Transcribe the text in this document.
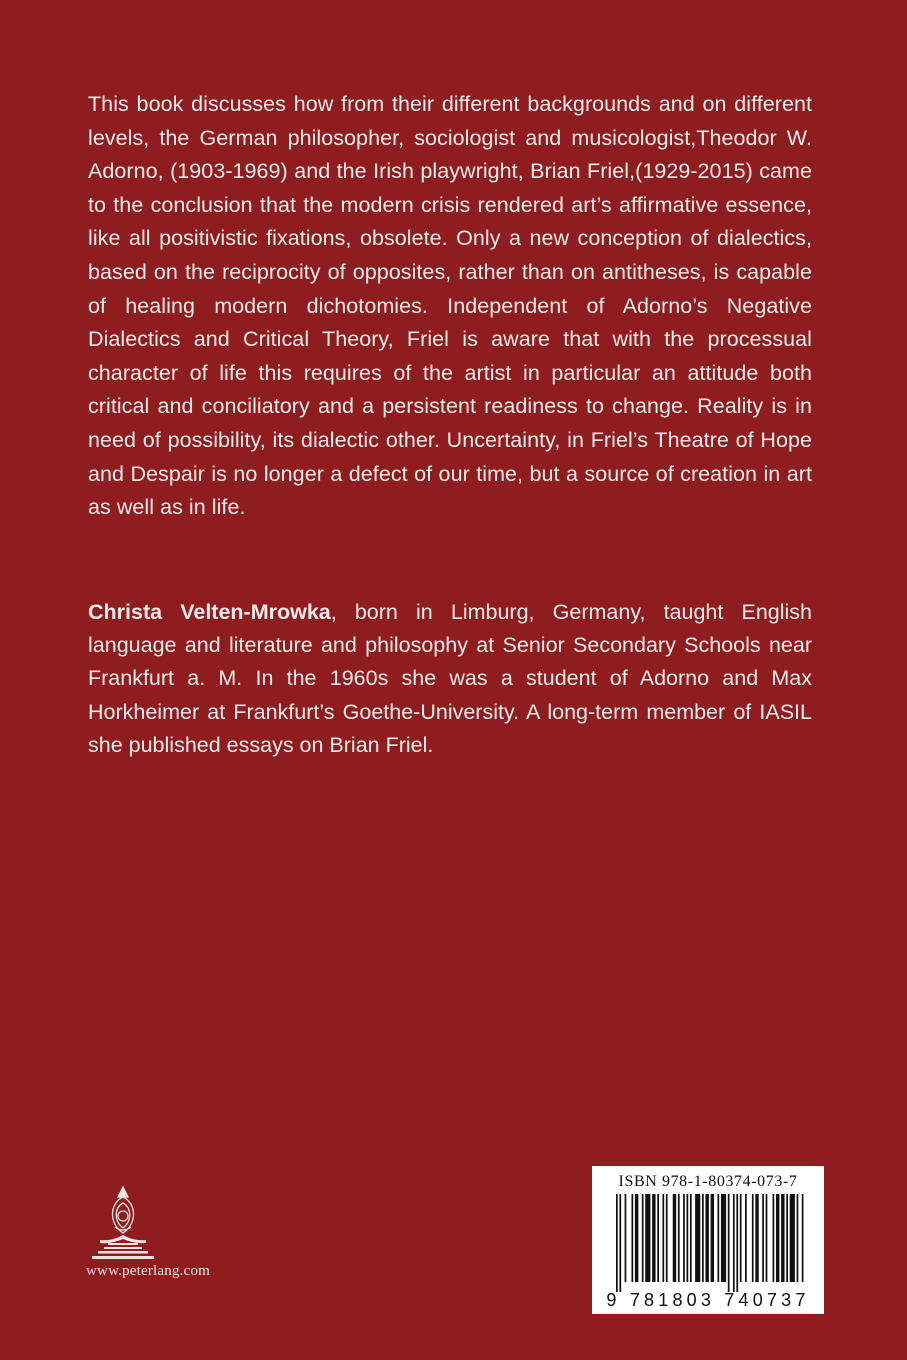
This book discusses how from their different backgrounds and on different levels, the German philosopher, sociologist and musicologist,Theodor W. Adorno, (1903-1969) and the Irish playwright, Brian Friel,(1929-2015) came to the conclusion that the modern crisis rendered art’s affirmative essence, like all positivistic fixations, obsolete. Only a new conception of dialectics, based on the reciprocity of opposites, rather than on antitheses, is capable of healing modern dichotomies. Independent of Adorno’s Negative Dialectics and Critical Theory, Friel is aware that with the processual character of life this requires of the artist in particular an attitude both critical and conciliatory and a persistent readiness to change. Reality is in need of possibility, its dialectic other. Uncertainty, in Friel’s Theatre of Hope and Despair is no longer a defect of our time, but a source of creation in art as well as in life.

Christa Velten-Mrowka, born in Limburg, Germany, taught English language and literature and philosophy at Senior Secondary Schools near Frankfurt a. M. In the 1960s she was a student of Adorno and Max Horkheimer at Frankfurt’s Goethe-University. A long-term member of IASIL she published essays on Brian Friel.

www.peterlang.com
ISBN 978-1-80374-073-7
9 781803 740737
